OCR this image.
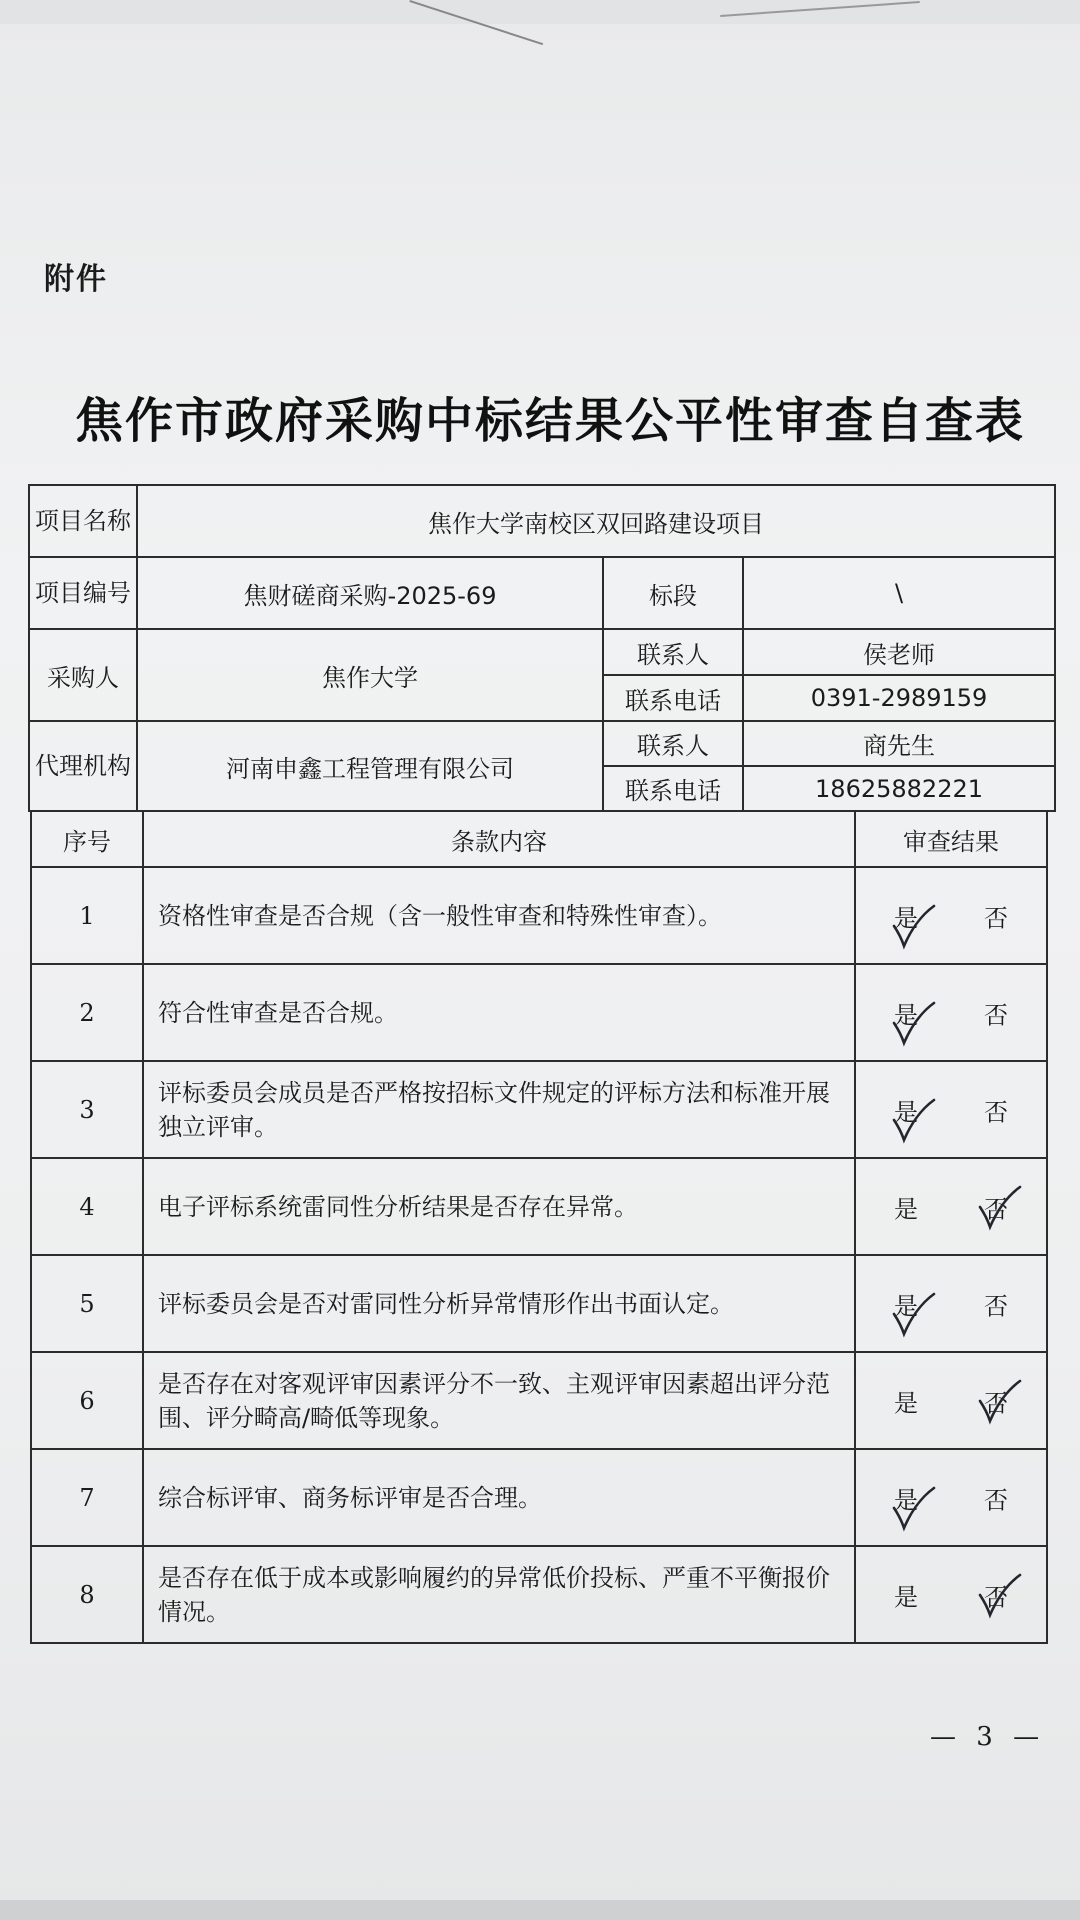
附件
焦作市政府采购中标结果公平性审查自查表
项目名称	焦作大学南校区双回路建设项目		
项目编号	焦财磋商采购-2025-69	标段	\
采购人	焦作大学	联系人	侯老师
		联系电话	0391-2989159
代理机构	河南申鑫工程管理有限公司	联系人	商先生
		联系电话	18625882221
序号	条款内容	审查结果
1	资格性审查是否合规（含一般性审查和特殊性审查）。	是 否

2	符合性审查是否合规。	是 否

3	评标委员会成员是否严格按招标文件规定的评标方法和标准开展独立评审。	是 否

4	电子评标系统雷同性分析结果是否存在异常。	是 否

5	评标委员会是否对雷同性分析异常情形作出书面认定。	是 否

6	是否存在对客观评审因素评分不一致、主观评审因素超出评分范围、评分畸高/畸低等现象。	是 否

7	综合标评审、商务标评审是否合理。	是 否

8	是否存在低于成本或影响履约的异常低价投标、严重不平衡报价情况。	是 否
— 3 —
